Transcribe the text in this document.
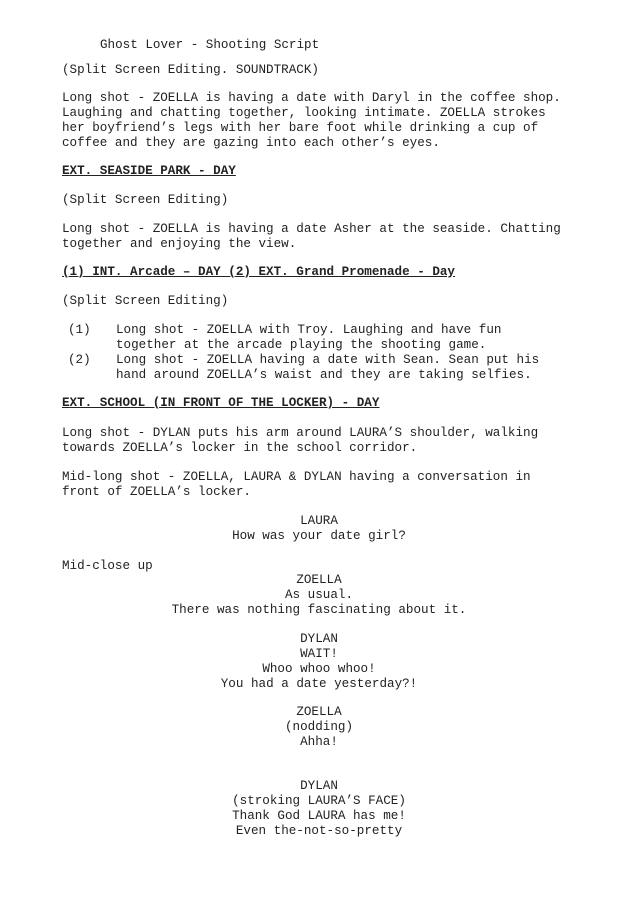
Ghost Lover - Shooting Script
(Split Screen Editing. SOUNDTRACK)
Long shot - ZOELLA is having a date with Daryl in the coffee shop.
Laughing and chatting together, looking intimate. ZOELLA strokes
her boyfriend’s legs with her bare foot while drinking a cup of
coffee and they are gazing into each other’s eyes.
EXT. SEASIDE PARK - DAY
(Split Screen Editing)
Long shot - ZOELLA is having a date Asher at the seaside. Chatting
together and enjoying the view.
(1) INT. Arcade – DAY (2) EXT. Grand Promenade - Day
(Split Screen Editing)
(1) Long shot - ZOELLA with Troy. Laughing and have fun
together at the arcade playing the shooting game.
(2) Long shot - ZOELLA having a date with Sean. Sean put his
hand around ZOELLA’s waist and they are taking selfies.
EXT. SCHOOL (IN FRONT OF THE LOCKER) - DAY
Long shot - DYLAN puts his arm around LAURA’S shoulder, walking
towards ZOELLA’s locker in the school corridor.
Mid-long shot - ZOELLA, LAURA & DYLAN having a conversation in
front of ZOELLA’s locker.
LAURA
How was your date girl?
Mid-close up
ZOELLA
As usual.
There was nothing fascinating about it.
DYLAN
WAIT!
Whoo whoo whoo!
You had a date yesterday?!
ZOELLA
(nodding)
Ahha!
DYLAN
(stroking LAURA’S FACE)
Thank God LAURA has me!
Even the-not-so-pretty
